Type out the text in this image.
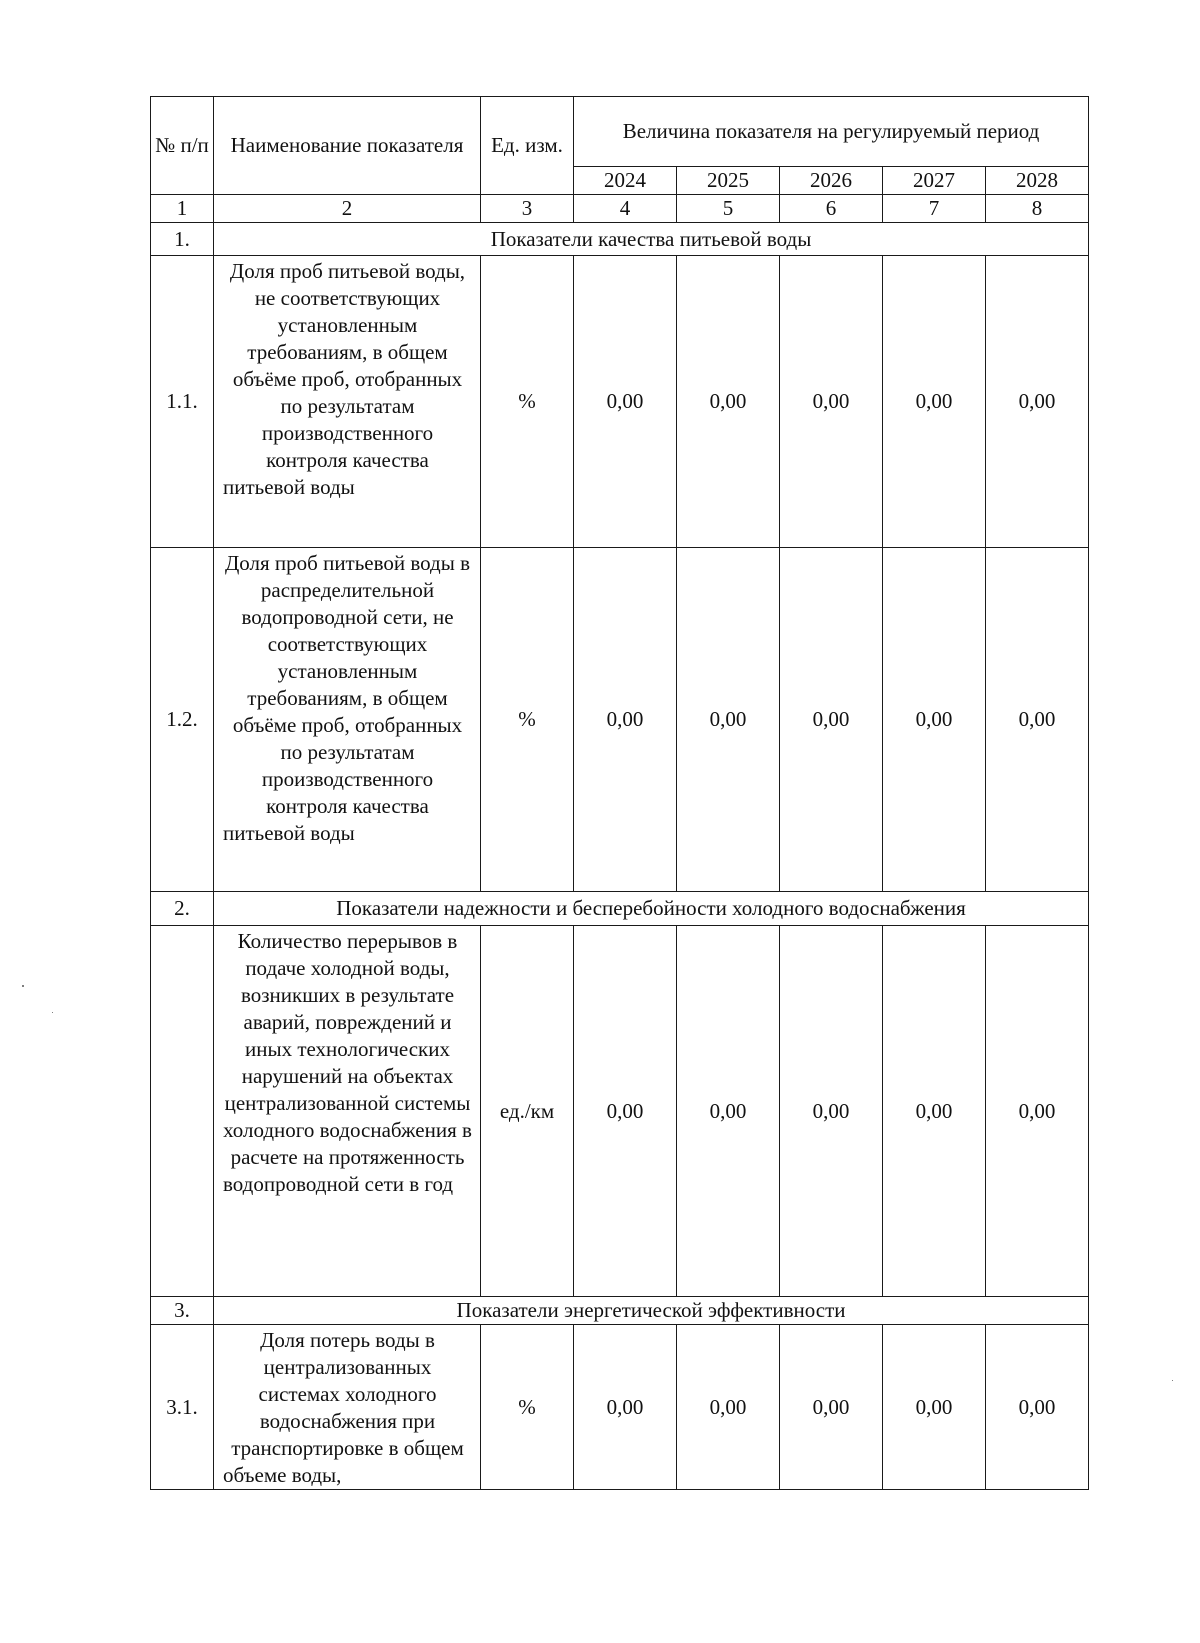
№ п/п	Наименование показателя	Ед. изм.	Величина показателя на регулируемый период				
			2024	2025	2026	2027	2028
1	2	3	4	5	6	7	8
1.	Показатели качества питьевой воды						
1.1.	Доля проб питьевой воды, не соответствующих установленным требованиям, в общем объёме проб, отобранных по результатам производственного контроля качества питьевой воды	%	0,00	0,00	0,00	0,00	0,00
1.2.	Доля проб питьевой воды в распределительной водопроводной сети, не соответствующих установленным требованиям, в общем объёме проб, отобранных по результатам производственного контроля качества питьевой воды	%	0,00	0,00	0,00	0,00	0,00
2.	Показатели надежности и бесперебойности холодного водоснабжения						
	Количество перерывов в подаче холодной воды, возникших в результате аварий, повреждений и иных технологических нарушений на объектах централизованной системы холодного водоснабжения в расчете на протяженность водопроводной сети в год	ед./км	0,00	0,00	0,00	0,00	0,00
3.	Показатели энергетической эффективности						
3.1.	Доля потерь воды в централизованных системах холодного водоснабжения при транспортировке в общем объеме воды,	%	0,00	0,00	0,00	0,00	0,00
